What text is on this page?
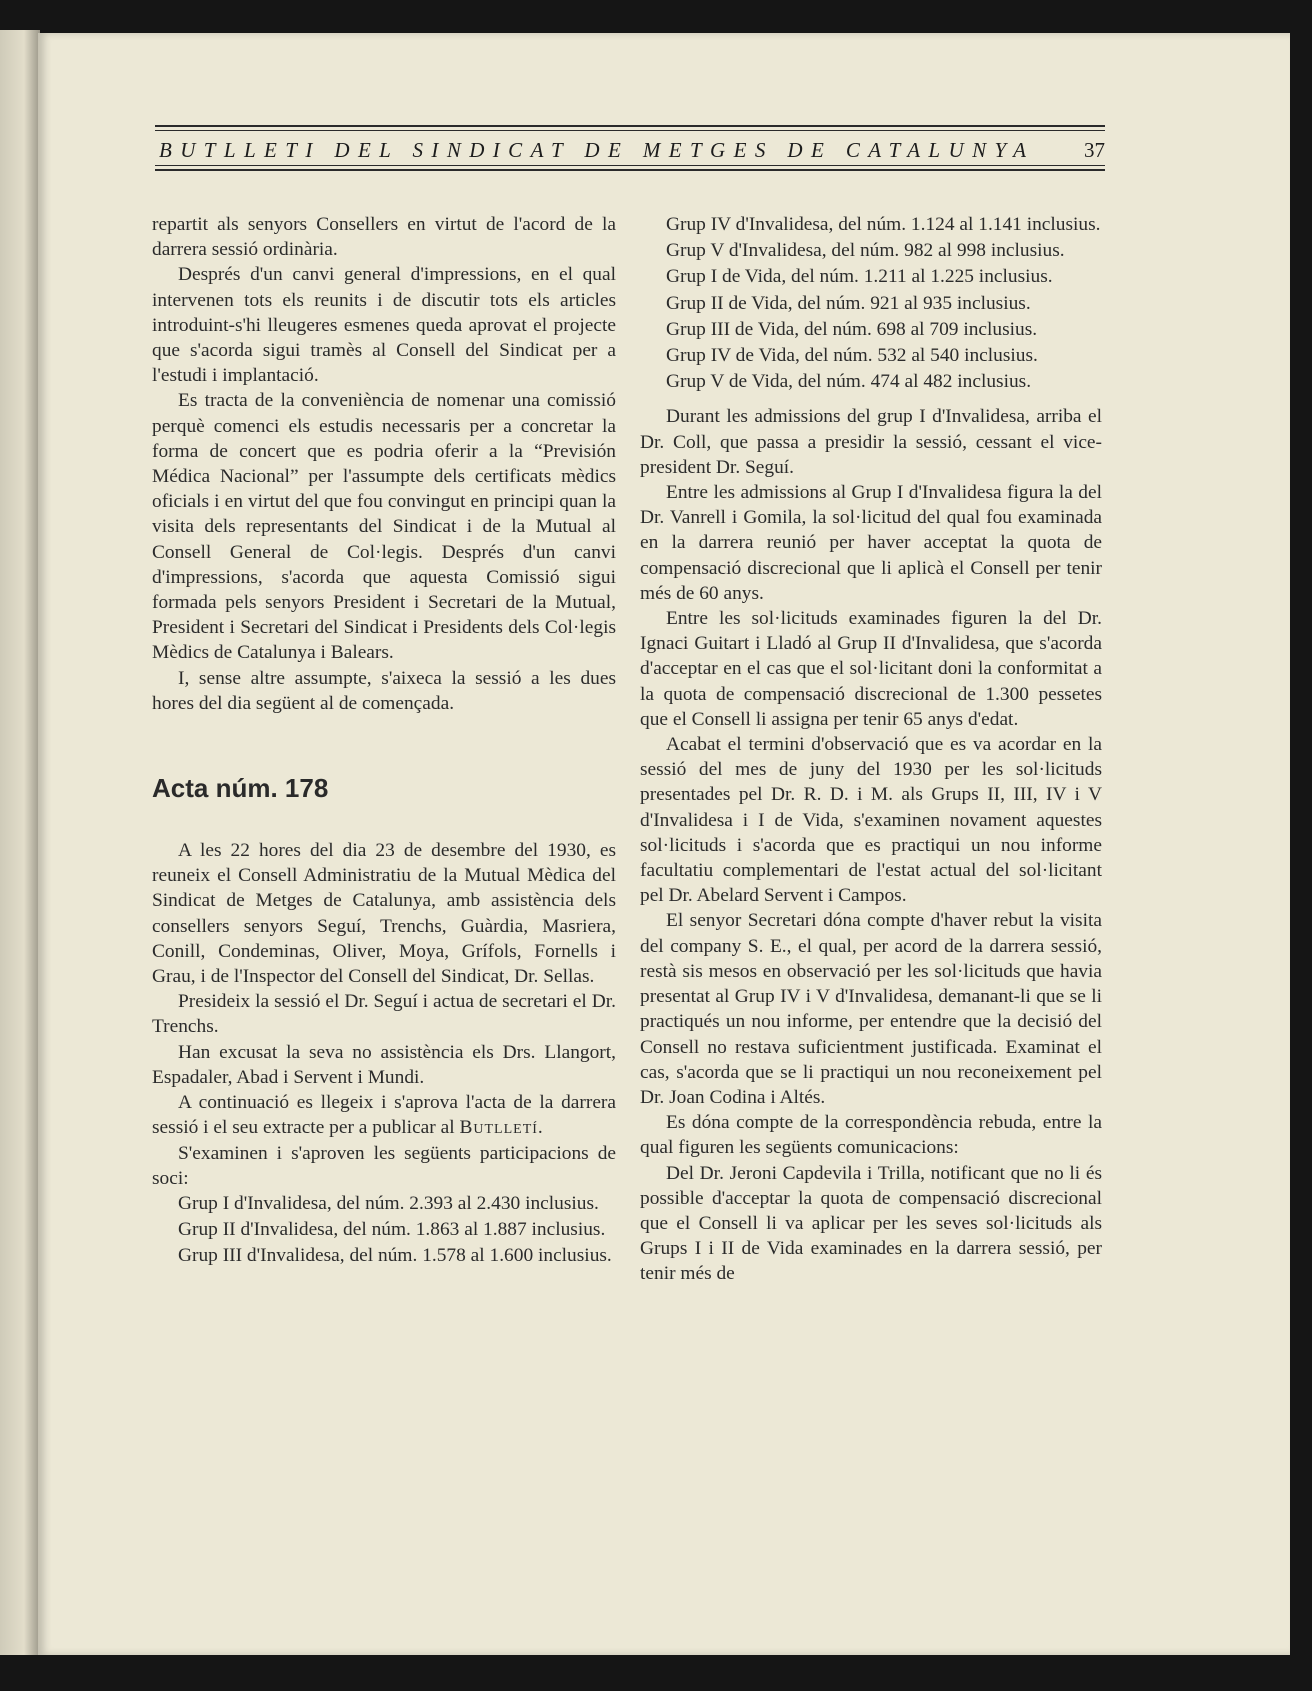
BUTLLETI DEL SINDICAT DE METGES DE CATALUNYA 37

repartit als senyors Consellers en virtut de l'acord de la darrera sessió ordinària.

Després d'un canvi general d'impressions, en el qual intervenen tots els reunits i de discutir tots els articles introduint-s'hi lleugeres esmenes queda aprovat el projecte que s'acorda sigui tramès al Consell del Sindicat per a l'estudi i implantació.

Es tracta de la conveniència de nomenar una comissió perquè comenci els estudis necessaris per a concretar la forma de concert que es podria oferir a la “Previsión Médica Nacional” per l'assumpte dels certificats mèdics oficials i en virtut del que fou convingut en principi quan la visita dels representants del Sindicat i de la Mutual al Consell General de Col·legis. Després d'un canvi d'impressions, s'acorda que aquesta Comissió sigui formada pels senyors President i Secretari de la Mutual, President i Secretari del Sindicat i Presidents dels Col·legis Mèdics de Catalunya i Balears.

I, sense altre assumpte, s'aixeca la sessió a les dues hores del dia següent al de començada.

Acta núm. 178

A les 22 hores del dia 23 de desembre del 1930, es reuneix el Consell Administratiu de la Mutual Mèdica del Sindicat de Metges de Catalunya, amb assistència dels consellers senyors Seguí, Trenchs, Guàrdia, Masriera, Conill, Condeminas, Oliver, Moya, Grífols, Fornells i Grau, i de l'Inspector del Consell del Sindicat, Dr. Sellas.

Presideix la sessió el Dr. Seguí i actua de secretari el Dr. Trenchs.

Han excusat la seva no assistència els Drs. Llangort, Espadaler, Abad i Servent i Mundi.

A continuació es llegeix i s'aprova l'acta de la darrera sessió i el seu extracte per a publicar al Butlletí.

S'examinen i s'aproven les següents participacions de soci:

Grup I d'Invalidesa, del núm. 2.393 al 2.430 inclusius.

Grup II d'Invalidesa, del núm. 1.863 al 1.887 inclusius.

Grup III d'Invalidesa, del núm. 1.578 al 1.600 inclusius.

Grup IV d'Invalidesa, del núm. 1.124 al 1.141 inclusius.

Grup V d'Invalidesa, del núm. 982 al 998 inclusius.

Grup I de Vida, del núm. 1.211 al 1.225 inclusius.

Grup II de Vida, del núm. 921 al 935 inclusius.

Grup III de Vida, del núm. 698 al 709 inclusius.

Grup IV de Vida, del núm. 532 al 540 inclusius.

Grup V de Vida, del núm. 474 al 482 inclusius.

Durant les admissions del grup I d'Invalidesa, arriba el Dr. Coll, que passa a presidir la sessió, cessant el vice-president Dr. Seguí.

Entre les admissions al Grup I d'Invalidesa figura la del Dr. Vanrell i Gomila, la sol·licitud del qual fou examinada en la darrera reunió per haver acceptat la quota de compensació discrecional que li aplicà el Consell per tenir més de 60 anys.

Entre les sol·licituds examinades figuren la del Dr. Ignaci Guitart i Lladó al Grup II d'Invalidesa, que s'acorda d'acceptar en el cas que el sol·licitant doni la conformitat a la quota de compensació discrecional de 1.300 pessetes que el Consell li assigna per tenir 65 anys d'edat.

Acabat el termini d'observació que es va acordar en la sessió del mes de juny del 1930 per les sol·licituds presentades pel Dr. R. D. i M. als Grups II, III, IV i V d'Invalidesa i I de Vida, s'examinen novament aquestes sol·licituds i s'acorda que es practiqui un nou informe facultatiu complementari de l'estat actual del sol·licitant pel Dr. Abelard Servent i Campos.

El senyor Secretari dóna compte d'haver rebut la visita del company S. E., el qual, per acord de la darrera sessió, restà sis mesos en observació per les sol·licituds que havia presentat al Grup IV i V d'Invalidesa, demanant-li que se li practiqués un nou informe, per entendre que la decisió del Consell no restava suficientment justificada. Examinat el cas, s'acorda que se li practiqui un nou reconeixement pel Dr. Joan Codina i Altés.

Es dóna compte de la correspondència rebuda, entre la qual figuren les següents comunicacions:

Del Dr. Jeroni Capdevila i Trilla, notificant que no li és possible d'acceptar la quota de compensació discrecional que el Consell li va aplicar per les seves sol·licituds als Grups I i II de Vida examinades en la darrera sessió, per tenir més de
